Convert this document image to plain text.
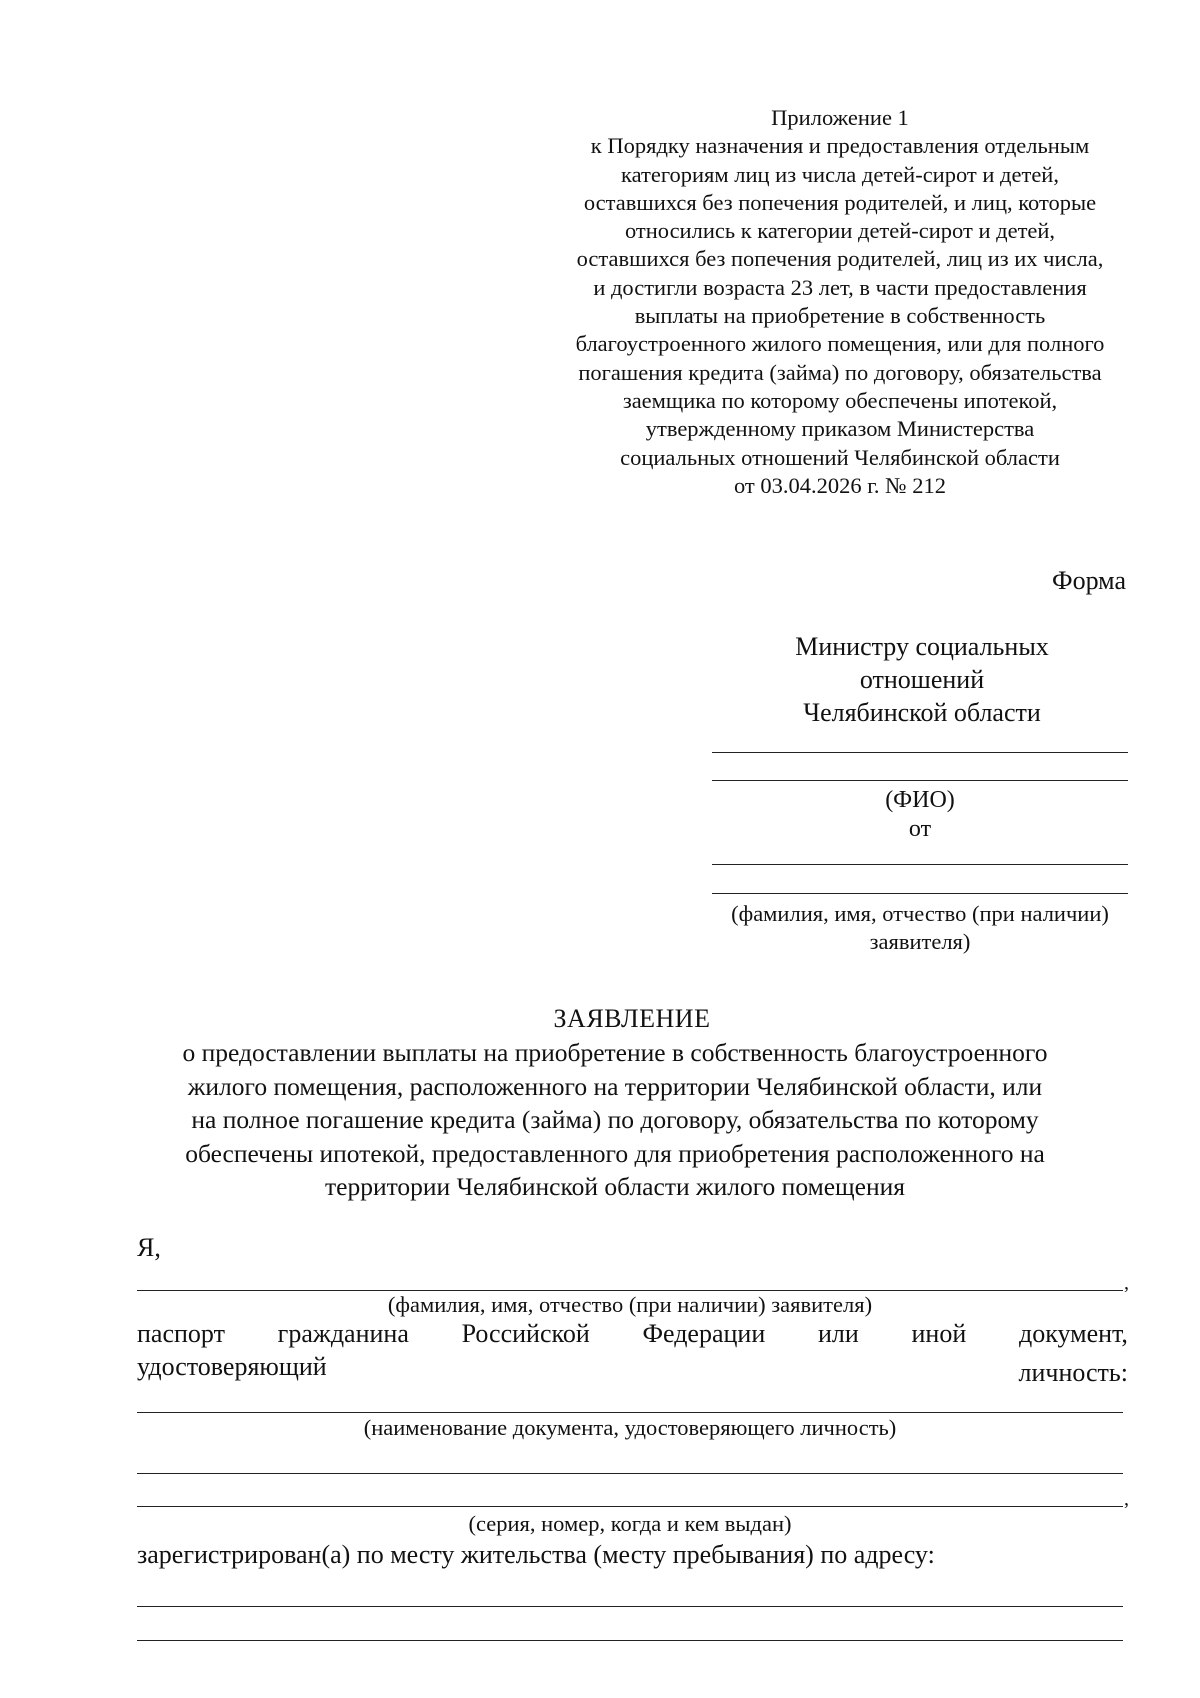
Приложение 1
к Порядку назначения и предоставления отдельным
категориям лиц из числа детей-сирот и детей,
оставшихся без попечения родителей, и лиц, которые
относились к категории детей-сирот и детей,
оставшихся без попечения родителей, лиц из их числа,
и достигли возраста 23 лет, в части предоставления
выплаты на приобретение в собственность
благоустроенного жилого помещения, или для полного
погашения кредита (займа) по договору, обязательства
заемщика по которому обеспечены ипотекой,
утвержденному приказом Министерства
социальных отношений Челябинской области
от 03.04.2026 г. № 212
Форма
Министру социальных
отношений
Челябинской области
(ФИО)
от
(фамилия, имя, отчество (при наличии)
заявителя)
ЗАЯВЛЕНИЕ
о предоставлении выплаты на приобретение в собственность благоустроенного
жилого помещения, расположенного на территории Челябинской области, или
на полное погашение кредита (займа) по договору, обязательства по которому
обеспечены ипотекой, предоставленного для приобретения расположенного на
территории Челябинской области жилого помещения
Я,
,
(фамилия, имя, отчество (при наличии) заявителя)
паспорт гражданина Российской Федерации или иной документ,
удостоверяющий	личность:
(наименование документа, удостоверяющего личность)
,
(серия, номер, когда и кем выдан)
зарегистрирован(а) по месту жительства (месту пребывания) по адресу:
